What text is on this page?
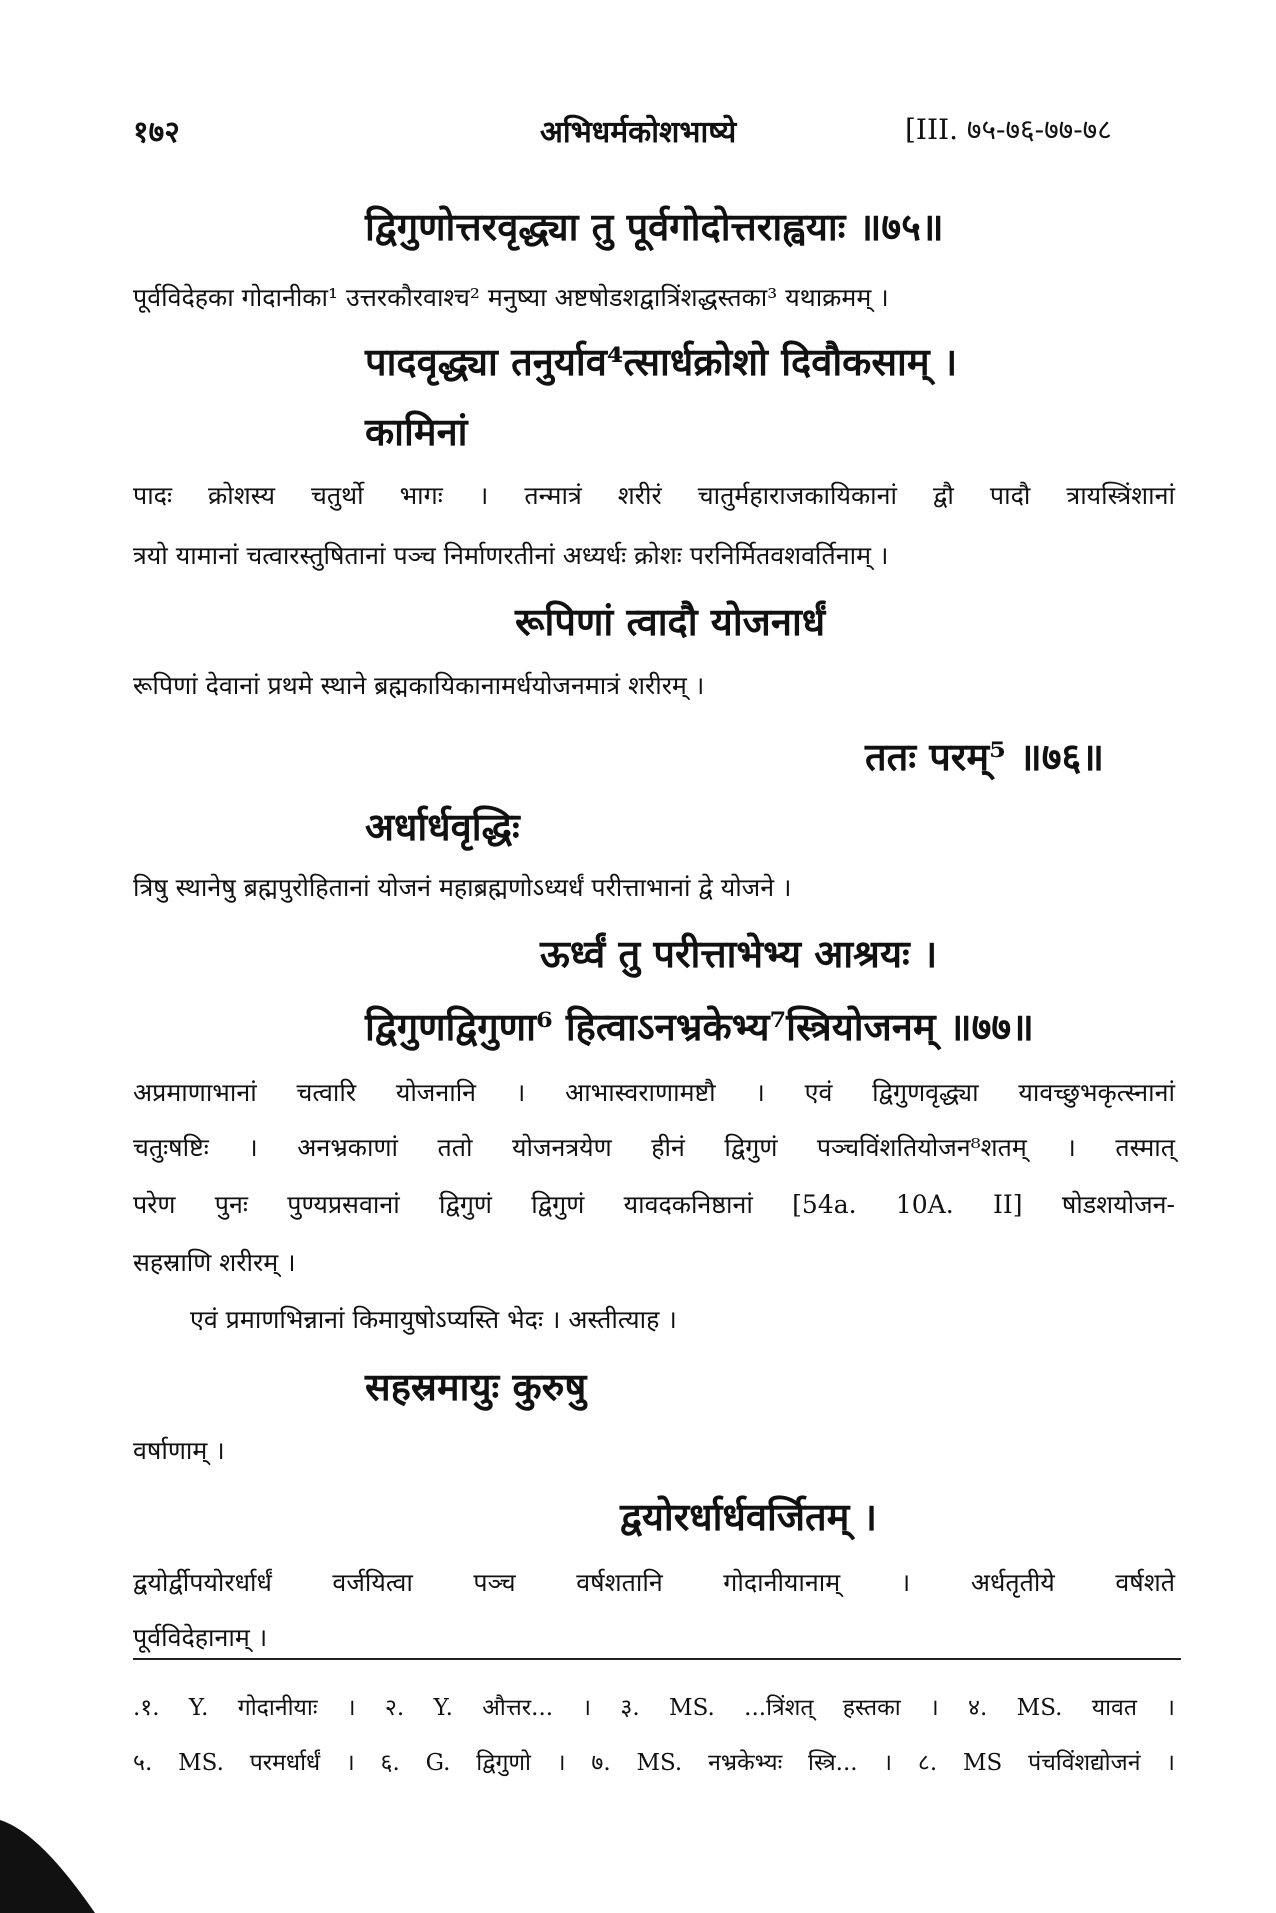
१७२	अभिधर्मकोशभाष्ये	[III. ७५-७६-७७-७८
द्विगुणोत्तरवृद्ध्या तु पूर्वगोदोत्तराह्वयाः ॥७५॥
पूर्वविदेहका गोदानीका¹ उत्तरकौरवाश्च² मनुष्या अष्टषोडशद्वात्रिंशद्धस्तका³ यथाक्रमम् ।
पादवृद्ध्या तनुर्याव⁴त्सार्धक्रोशो दिवौकसाम् ।
कामिनां
पादः क्रोशस्य चतुर्थो भागः । तन्मात्रं शरीरं चातुर्महाराजकायिकानां द्वौ पादौ त्रायस्त्रिंशानां
त्रयो यामानां चत्वारस्तुषितानां पञ्च निर्माणरतीनां अध्यर्धः क्रोशः परनिर्मितवशवर्तिनाम् ।
रूपिणां त्वादौ योजनार्धं
रूपिणां देवानां प्रथमे स्थाने ब्रह्मकायिकानामर्धयोजनमात्रं शरीरम् ।
ततः परम्⁵ ॥७६॥
अर्धार्धवृद्धिः
त्रिषु स्थानेषु ब्रह्मपुरोहितानां योजनं महाब्रह्मणोऽध्यर्धं परीत्ताभानां द्वे योजने ।
ऊर्ध्वं तु परीत्ताभेभ्य आश्रयः ।
द्विगुणद्विगुणा⁶ हित्वाऽनभ्रकेभ्य⁷स्त्रियोजनम् ॥७७॥
अप्रमाणाभानां चत्वारि योजनानि । आभास्वराणामष्टौ । एवं द्विगुणवृद्ध्या यावच्छुभकृत्स्नानां
चतुःषष्टिः । अनभ्रकाणां ततो योजनत्रयेण हीनं द्विगुणं पञ्चविंशतियोजन⁸शतम् । तस्मात्
परेण पुनः पुण्यप्रसवानां द्विगुणं द्विगुणं यावदकनिष्ठानां [54a. 10A. II] षोडशयोजन-
सहस्राणि शरीरम् ।
एवं प्रमाणभिन्नानां किमायुषोऽप्यस्ति भेदः । अस्तीत्याह ।
सहस्रमायुः कुरुषु
वर्षाणाम् ।
द्वयोरर्धार्धवर्जितम् ।
द्वयोर्द्वीपयोरर्धार्धं वर्जयित्वा पञ्च वर्षशतानि गोदानीयानाम् । अर्धतृतीये वर्षशते
पूर्वविदेहानाम् ।
.१. Y. गोदानीयाः । २. Y. औत्तर... । ३. MS. ...त्रिंशत् हस्तका । ४. MS. यावत ।
५. MS. परमर्धार्धं । ६. G. द्विगुणो । ७. MS. नभ्रकेभ्यः स्त्रि... । ८. MS पंचविंशद्योजनं ।
